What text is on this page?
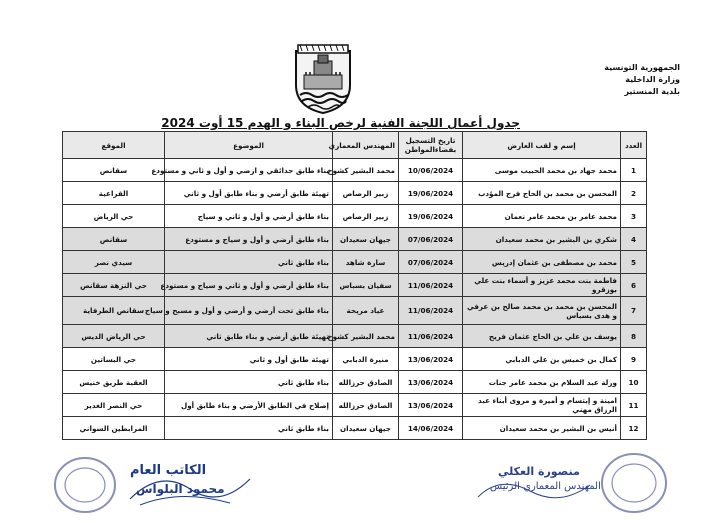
الجمهورية التونسية
وزارة الداخلية
بلدية المنستير
جدول أعمال اللجنة الفنية لرخص البناء و الهدم 15 أوت 2024
العدد	إسم و لقب العارض	تاريخ التسجيل بفضاءالمواطن	المهندس المعماري	الموضوع	الموقع
1	محمد جهاد بن محمد الحبيب موسى	10/06/2024	محمد البشير كشوخ	بناء طابق حدائقي و ارضي و أول و ثاني و مستودع	سقانص
2	المحسن بن محمد بن الحاج فرج المؤدب	19/06/2024	زبير الرصاص	تهيئة طابق أرضي و بناء طابق أول و ثاني	القراعية
3	محمد عامر بن محمد عامر نعمان	19/06/2024	زبير الرصاص	بناء طابق أرضي و أول و ثاني و سياج	حي الرياض
4	شكري بن البشير بن محمد سعيدان	07/06/2024	جيهان سعيدان	بناء طابق أرضي و أول و سياج و مستودع	سقانص
5	محمد بن مصطفى بن عثمان إدريس	07/06/2024	سارة شاهد	بناء طابق ثاني	سيدي نصر
6	فاطمة بنت محمد عزيز و أسماء بنت علي بوزقرو	11/06/2024	سفيان بسباس	بناء طابق أرضي و أول و ثاني و سياج و مستودع	حي النزهة سقانص
7	المحسن بن محمد بن محمد صالح بن عرفي و هدى بسباس	11/06/2024	عياد مريحة	بناء طابق تحت أرضي و أرضي و أول و مسبح و سياج	سقانص الطرفاية
8	يوسف بن علي بن الحاج عثمان فريح	11/06/2024	محمد البشير كشوخ	تهيئة طابق أرضي و بناء طابق ثاني	حي الرياض الديس
9	كمال بن خميس بن علي الدبابي	13/06/2024	منيرة الدبابي	تهيئة طابق أول و ثاني	حي البساتين
10	ورلة عبد السلام بن محمد عامر جنات	13/06/2024	الصادق حرزالله	بناء طابق ثاني	العقبة طريق خنيس
11	امينة و إبتسام و أميرة و مروى أبناء عبد الرزاق مهني	13/06/2024	الصادق حرزالله	إصلاح في الطابق الأرضي و بناء طابق أول	حي النصر الغدير
12	أنيس بن البشير بن محمد سعيدان	14/06/2024	جيهان سعيدان	بناء طابق ثاني	المرابطين السواني
الكاتب العام
محمود البلواس
منصورة العكلي
المهندس المعماري الرئيس
